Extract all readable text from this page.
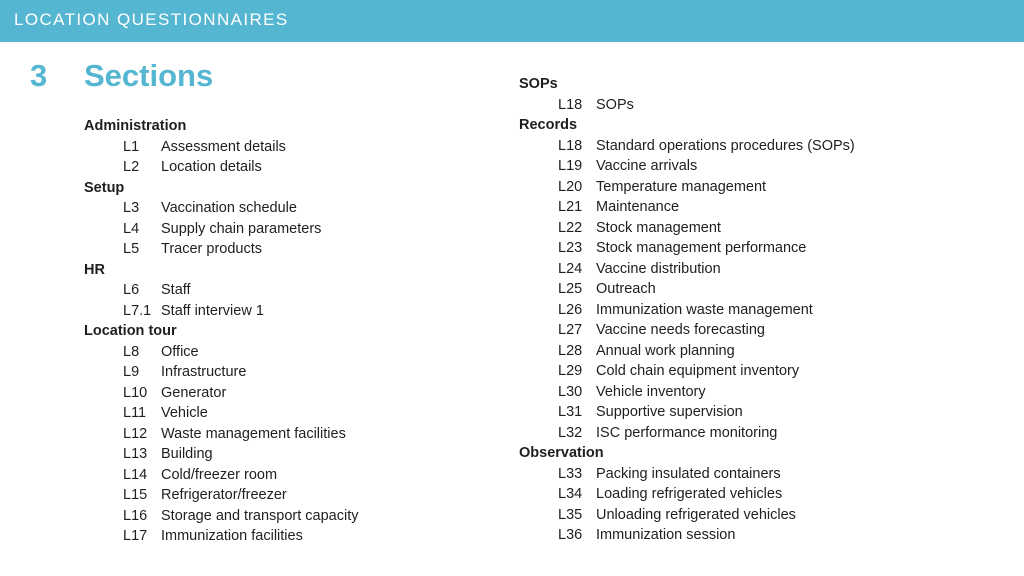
LOCATION QUESTIONNAIRES
3 Sections
Administration
L1 Assessment details
L2 Location details
Setup
L3 Vaccination schedule
L4 Supply chain parameters
L5 Tracer products
HR
L6 Staff
L7.1 Staff interview 1
Location tour
L8 Office
L9 Infrastructure
L10 Generator
L11 Vehicle
L12 Waste management facilities
L13 Building
L14 Cold/freezer room
L15 Refrigerator/freezer
L16 Storage and transport capacity
L17 Immunization facilities
SOPs
L18 SOPs
Records
L18 Standard operations procedures (SOPs)
L19 Vaccine arrivals
L20 Temperature management
L21 Maintenance
L22 Stock management
L23 Stock management performance
L24 Vaccine distribution
L25 Outreach
L26 Immunization waste management
L27 Vaccine needs forecasting
L28 Annual work planning
L29 Cold chain equipment inventory
L30 Vehicle inventory
L31 Supportive supervision
L32 ISC performance monitoring
Observation
L33 Packing insulated containers
L34 Loading refrigerated vehicles
L35 Unloading refrigerated vehicles
L36 Immunization session
